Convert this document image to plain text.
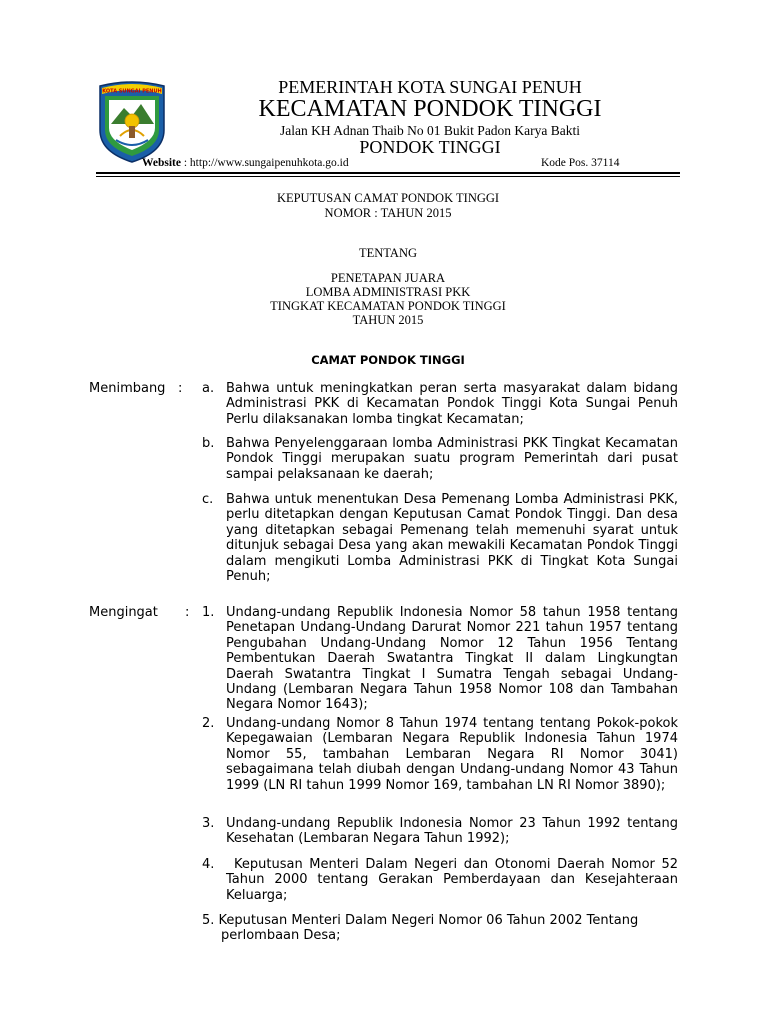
KOTA SUNGAI PENUH	PEMERINTAH KOTA SUNGAI PENUH
KECAMATAN PONDOK TINGGI
Jalan KH Adnan Thaib No 01 Bukit Padon Karya Bakti
PONDOK TINGGI
Website : http://www.sungaipenuhkota.go.id	Kode Pos. 37114
KEPUTUSAN CAMAT PONDOK TINGGI
NOMOR : TAHUN 2015
TENTANG
PENETAPAN JUARA
LOMBA ADMINISTRASI PKK
TINGKAT KECAMATAN PONDOK TINGGI
TAHUN 2015
CAMAT PONDOK TINGGI
Menimbang : a. Bahwa untuk meningkatkan peran serta masyarakat dalam bidang Administrasi PKK di Kecamatan Pondok Tinggi Kota Sungai Penuh Perlu dilaksanakan lomba tingkat Kecamatan;
b. Bahwa Penyelenggaraan lomba Administrasi PKK Tingkat Kecamatan Pondok Tinggi merupakan suatu program Pemerintah dari pusat sampai pelaksanaan ke daerah;
c. Bahwa untuk menentukan Desa Pemenang Lomba Administrasi PKK, perlu ditetapkan dengan Keputusan Camat Pondok Tinggi. Dan desa yang ditetapkan sebagai Pemenang telah memenuhi syarat untuk ditunjuk sebagai Desa yang akan mewakili Kecamatan Pondok Tinggi dalam mengikuti Lomba Administrasi PKK di Tingkat Kota Sungai Penuh;
Mengingat : 1. Undang-undang Republik Indonesia Nomor 58 tahun 1958 tentang Penetapan Undang-Undang Darurat Nomor 221 tahun 1957 tentang Pengubahan Undang-Undang Nomor 12 Tahun 1956 Tentang Pembentukan Daerah Swatantra Tingkat II dalam Lingkungtan Daerah Swatantra Tingkat I Sumatra Tengah sebagai Undang-Undang (Lembaran Negara Tahun 1958 Nomor 108 dan Tambahan Negara Nomor 1643);
2. Undang-undang Nomor 8 Tahun 1974 tentang tentang Pokok-pokok Kepegawaian (Lembaran Negara Republik Indonesia Tahun 1974 Nomor 55, tambahan Lembaran Negara RI Nomor 3041) sebagaimana telah diubah dengan Undang-undang Nomor 43 Tahun 1999 (LN RI tahun 1999 Nomor 169, tambahan LN RI Nomor 3890);
3. Undang-undang Republik Indonesia Nomor 23 Tahun 1992 tentang Kesehatan (Lembaran Negara Tahun 1992);
4.	Keputusan Menteri Dalam Negeri dan Otonomi Daerah Nomor 52 Tahun 2000 tentang Gerakan Pemberdayaan dan Kesejahteraan Keluarga;
5. Keputusan Menteri Dalam Negeri Nomor 06 Tahun 2002 Tentang
perlombaan Desa;
